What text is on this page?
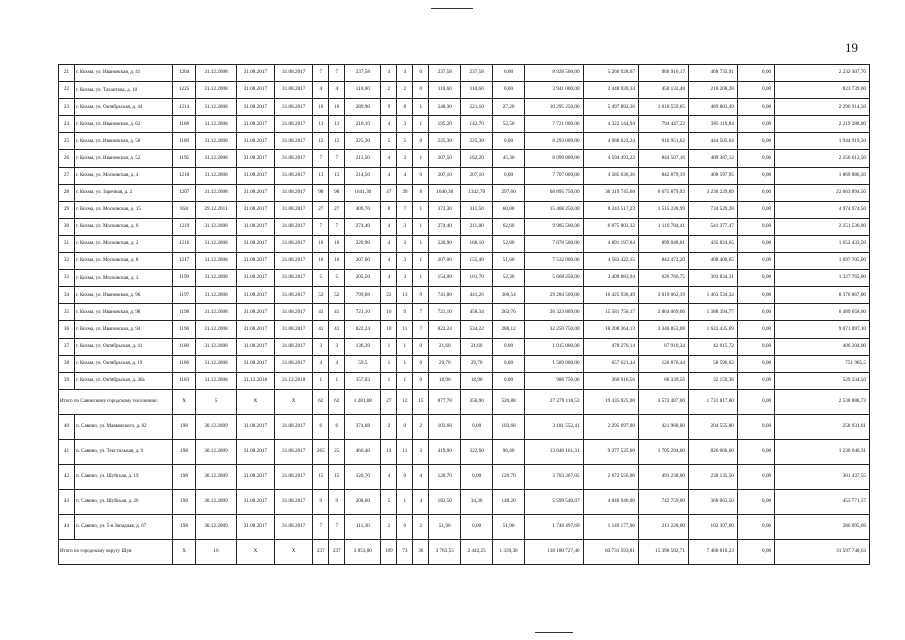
19
21	г. Кохма, ул. Ивановская, д. 41	1204	31.12.2008	31.08.2017	31.08.2017	7	7	237,58	4	4	0	237,58	237,58	0,00	8 928 500,00	5 260 928,67	966 916,17	468 733,91	0,00	2 232 307,70
22	г. Кохма, ул. Тахантова, д. 10	1225	31.12.2008	31.08.2017	31.08.2017	4	4	110,60	2	2	0	110,60	110,60	0,00	3 941 000,00	2 448 920,34	450 132,48	218 208,28	0,00	823 739,00
23	г. Кохма, ул. Октябрьская, д. 44	1214	31.12.2008	31.08.2017	31.08.2017	16	16	289,90	9	8	1	248,30	221,10	27,20	10 295 250,00	5 497 892,36	1 010 559,65	489 883,49	0,00	2 296 914,50
24	г. Кохма, ул. Ивановская, д. 62	1188	31.12.2008	31.08.2017	31.08.2017	13	13	210,10	4	3	1	195,20	142,70	52,50	7 721 000,00	4 322 144,94	794 447,22	385 119,84	0,00	2 219 288,00
25	г. Кохма, ул. Ивановская, д. 58	1189	31.12.2008	31.08.2017	31.08.2017	12	12	225,30	5	5	0	225,30	225,30	0,00	8 293 000,00	4 988 623,24	916 951,62	444 505,64	0,00	1 944 919,50
26	г. Кохма, ул. Ивановская, д. 52	1195	31.12.2008	31.08.2017	31.08.2017	7	7	211,50	4	3	1	207,50	162,20	45,30	8 099 000,00	4 594 493,22	844 507,16	409 387,12	0,00	2 250 612,50
27	г. Кохма, ул. Московская, д. 4	1218	31.12.2008	31.08.2017	31.08.2017	13	13	214,50	4	4	0	207,10	207,10	0,00	7 707 000,00	4 585 636,36	842 879,19	408 597,95	0,00	1 869 886,50
28	г. Кохма, ул. Заречная, д. 2	1207	31.12.2008	31.08.2017	31.08.2017	98	98	1641,30	47	39	8	1640,30	1342,70	297,60	68 895 750,00	36 319 745,68	6 675 879,93	3 236 229,89	0,00	22 663 894,50
29	г. Кохма, ул. Московская, д. 15	858	29.12.2011	31.08.2017	31.08.2017	27	27	409,70	8	7	1	372,30	311,50	60,80	15 468 250,00	8 243 517,23	1 515 228,99	734 529,28	0,00	4 974 974,50
30	г. Кохма, ул. Московская, д. 6	1219	31.12.2008	31.08.2017	31.08.2017	7	7	274,40	4	3	1	274,40	211,80	62,60	9 985 500,00	6 075 802,32	1 116 784,41	541 377,47	0,00	2 251 536,00
31	г. Кохма, ул. Московская, д. 2	1216	31.12.2008	31.08.2017	31.08.2017	10	10	220,90	4	3	1	220,90	168,10	52,80	7 878 500,00	4 891 197,84	899 048,01	435 824,65	0,00	1 652 433,50
32	г. Кохма, ул. Московская, д. 8	1217	31.12.2008	31.08.2017	31.08.2017	16	16	207,00	4	3	1	207,00	155,40	51,60	7 532 000,00	4 583 422,15	842 472,20	408 400,65	0,00	1 697 705,00
33	г. Кохма, ул. Московская, д. 3	1199	31.12.2008	31.08.2017	31.08.2017	5	5	205,50	4	3	1	154,00	101,70	52,30	5 668 250,00	3 409 883,94	626 766,75	303 834,31	0,00	1 327 765,00
34	г. Кохма, ул. Ивановская, д. 96	1197	31.12.2008	31.08.2017	31.08.2017	52	52	799,08	22	13	9	741,80	441,26	300,54	29 284 500,00	16 425 936,49	3 019 062,19	1 463 534,32	0,00	8 376 867,00
35	г. Кохма, ул. Ивановская, д. 98	1198	31.12.2008	31.08.2017	31.08.2017	43	41	721,10	16	9	7	721,10	458,34	262,76	26 323 869,00	15 581 756,17	2 864 069,06	1 388 394,77	0,00	6 489 658,00
36	г. Кохма, ул. Ивановская, д. 94	1196	31.12.2008	31.08.2017	31.08.2017	41	41	822,24	18	11	7	822,24	534,22	288,12	32 250 750,00	18 208 364,13	3 346 853,08	1 622 435,69	0,00	9 071 097,10
37	г. Кохма, ул. Октябрьская, д. 41	1180	31.12.2008	31.08.2017	31.08.2017	3	3	136,39	1	1	0	21,60	21,60	0,00	1 015 000,00	478 270,14	87 910,34	42 615,72	0,00	406 204,00
38	г. Кохма, ул. Октябрьская, д. 19	1186	31.12.2008	31.08.2017	31.08.2017	4	4	59,5	1	1	0	29,70	29,70	0,00	1 589 000,00	657 621,44	120 876,44	58 596,62	0,00	751 905,5
39	г. Кохма, ул. Октябрьская, д. 30а	1183	31.12.2008	31.12.2018	31.12.2018	1	1	157,03	1	1	0	18,90	18,90	0,00	988 750,00	360 916,56	66 339,56	32 159,38	0,00	529 334,50
Итого по Савинскому городскому поселению:		X	5	X	X	62	62	1 281,08	27	12	15	877,78	356,90	520,88	27 279 118,53	19 435 925,00	3 572 487,00	1 731 817,80	0,00	2 538 888,73
40	п. Савино, ул. Маяковского, д. 82	198	30.12.2009	31.08.2017	31.08.2017	6	6	374,68	2	0	2	103,68	0,00	103,68	3 181 552,41	2 295 697,00	421 968,00	204 555,80	0,00	258 931,61
41	п. Савино, ул. Текстильная, д. 9	198	30.12.2009	31.08.2017	31.08.2017	265	25	466,40	14	11	3	419,00	322,60	96,40	13 046 161,31	9 277 535,00	1 705 294,00	826 666,00	0,00	1 236 646,31
42	п. Савино, ул. Шуйская, д. 19	198	30.12.2009	31.08.2017	31.08.2017	15	15	120,70	4	0	4	120,70	0,00	120,70	3 703 367,05	2 672 556,00	491 238,00	238 135,50	0,00	301 437,55
43	п. Савино, ул. Шуйская, д. 26	198	30.12.2009	31.08.2017	31.08.2017	9	9	208,60	5	1	4	182,50	34,30	148,20	5 599 540,07	4 040 946,00	742 759,00	360 063,50	0,00	455 771,57
44	п. Савино, ул. 5-я Западная, д. 67	198	30.12.2009	31.08.2017	31.08.2017	7	7	111,30	2	0	2	51,90	0,00	51,90	1 748 497,69	1 149 177,00	211 228,00	102 397,00	0,00	286 095,69
Итого по городскому округу Шуя		X	16	X	X	237	237	3 853,00	109	73	36	3 783,55	2 442,25	1 339,30	138 180 727,40	83 731 593,81	15 390 582,71	7 460 810,23	0,00	31 597 740,63
